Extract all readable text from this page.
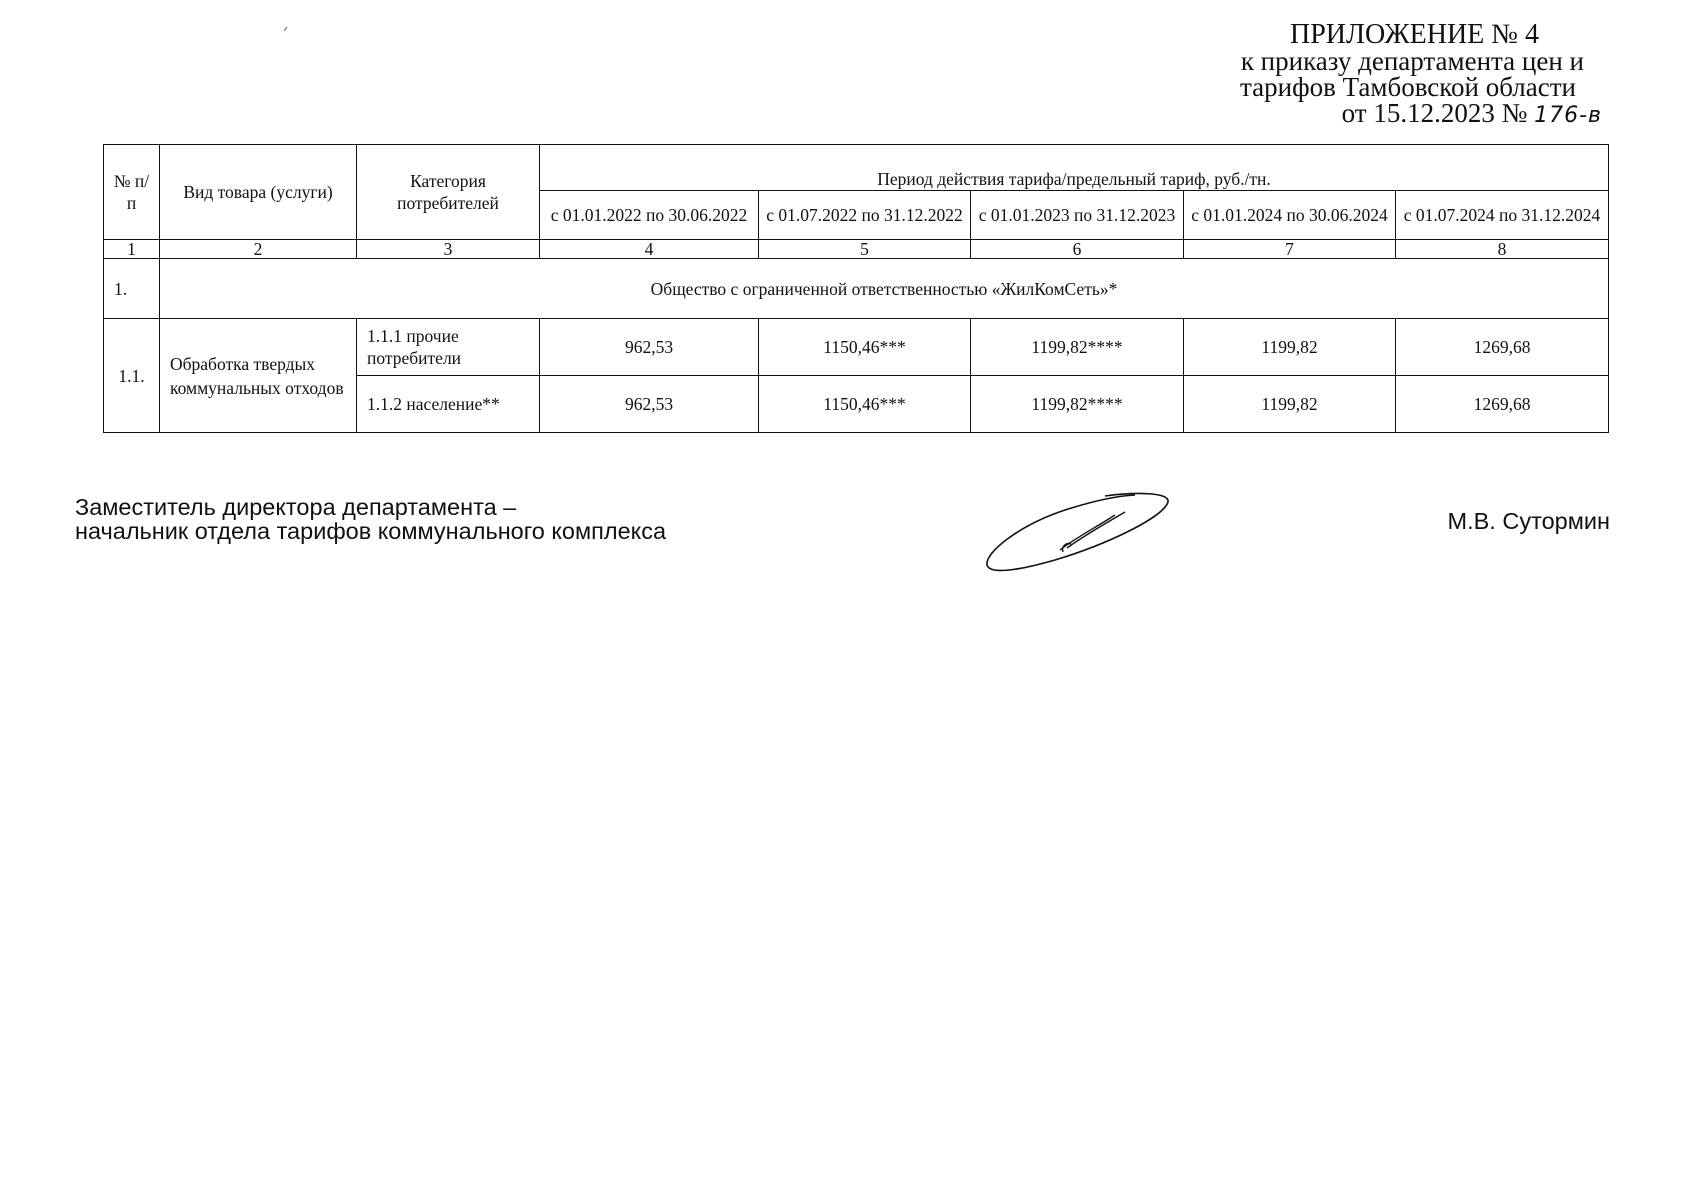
ПРИЛОЖЕНИЕ № 4
к приказу департамента цен и
тарифов Тамбовской области
от 15.12.2023 № 176-в
№ п/п	Вид товара (услуги)	Категория потребителей	Период действия тарифа/предельный тариф, руб./тн.				
			с 01.01.2022 по 30.06.2022	с 01.07.2022 по 31.12.2022	с 01.01.2023 по 31.12.2023	с 01.01.2024 по 30.06.2024	с 01.07.2024 по 31.12.2024
1	2	3	4	5	6	7	8
1.	Общество с ограниченной ответственностью «ЖилКомСеть»*						
1.1.	Обработка твердых коммунальных отходов	1.1.1 прочие потребители	962,53	1150,46***	1199,82****	1199,82	1269,68
		1.1.2 население**	962,53	1150,46***	1199,82****	1199,82	1269,68
Заместитель директора департамента –
начальник отдела тарифов коммунального комплекса	М.В. Сутормин
